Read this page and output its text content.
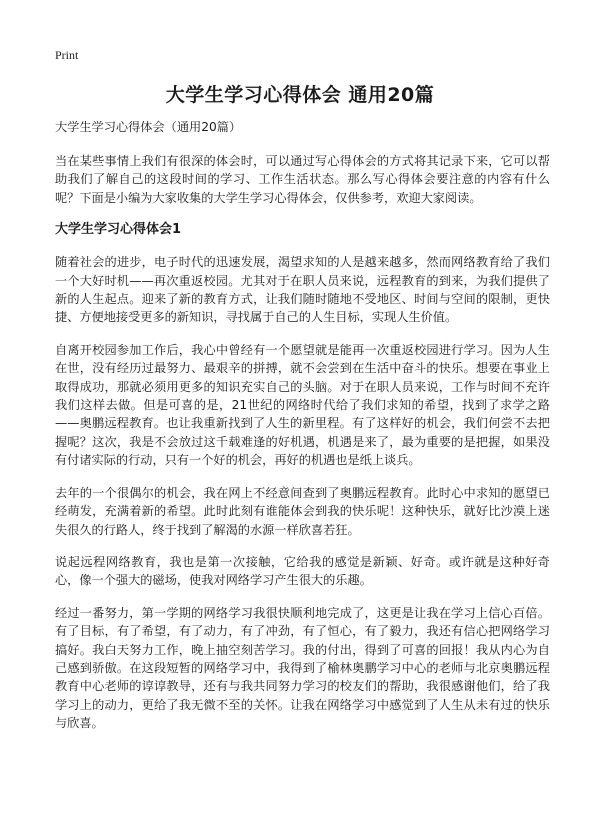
Print
大学生学习心得体会 通用20篇

大学生学习心得体会（通用20篇）

当在某些事情上我们有很深的体会时，可以通过写心得体会的方式将其记录下来，它可以帮助我们了解自己的这段时间的学习、工作生活状态。那么写心得体会要注意的内容有什么呢？下面是小编为大家收集的大学生学习心得体会，仅供参考，欢迎大家阅读。

大学生学习心得体会1

随着社会的进步，电子时代的迅速发展，渴望求知的人是越来越多，然而网络教育给了我们一个大好时机——再次重返校园。尤其对于在职人员来说，远程教育的到来，为我们提供了新的人生起点。迎来了新的教育方式，让我们随时随地不受地区、时间与空间的限制，更快捷、方便地接受更多的新知识，寻找属于自己的人生目标，实现人生价值。

自离开校园参加工作后，我心中曾经有一个愿望就是能再一次重返校园进行学习。因为人生在世，没有经历过最努力、最艰辛的拼搏，就不会尝到在生活中奋斗的快乐。想要在事业上取得成功，那就必须用更多的知识充实自己的头脑。对于在职人员来说，工作与时间不充许我们这样去做。但是可喜的是，21世纪的网络时代给了我们求知的希望，找到了求学之路——奥鹏远程教育。也让我重新找到了人生的新里程。有了这样好的机会，我们何尝不去把握呢？这次，我是不会放过这千载难逢的好机遇，机遇是来了，最为重要的是把握，如果没有付诸实际的行动，只有一个好的机会，再好的机遇也是纸上谈兵。

去年的一个很偶尔的机会，我在网上不经意间查到了奥鹏远程教育。此时心中求知的愿望已经萌发，充满着新的希望。此时此刻有谁能体会到我的快乐呢！这种快乐，就好比沙漠上迷失很久的行路人，终于找到了解渴的水源一样欣喜若狂。

说起远程网络教育，我也是第一次接触，它给我的感觉是新颖、好奇。或许就是这种好奇心，像一个强大的磁场，使我对网络学习产生很大的乐趣。

经过一番努力，第一学期的网络学习我很快顺利地完成了，这更是让我在学习上信心百倍。有了目标，有了希望，有了动力，有了冲劲，有了恒心，有了毅力，我还有信心把网络学习搞好。我白天努力工作，晚上抽空刻苦学习。我的付出，得到了可喜的回报！我从内心为自己感到骄傲。在这段短暂的网络学习中，我得到了榆林奥鹏学习中心的老师与北京奥鹏远程教育中心老师的谆谆教导，还有与我共同努力学习的校友们的帮助，我很感谢他们，给了我学习上的动力，更给了我无微不至的关怀。让我在网络学习中感觉到了人生从未有过的快乐与欣喜。
